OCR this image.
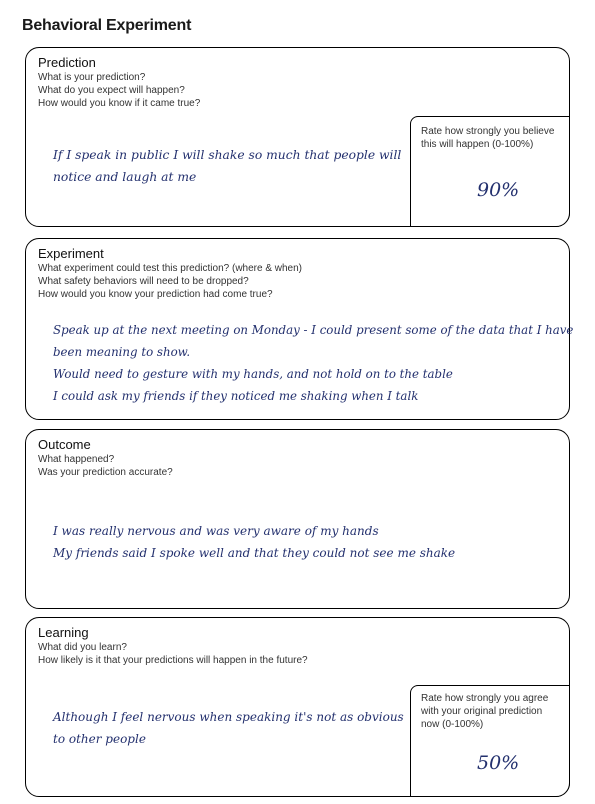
Behavioral Experiment
Prediction
What is your prediction?
What do you expect will happen?
How would you know if it came true?
If I speak in public I will shake so much that people will
notice and laugh at me
Rate how strongly you believe
this will happen (0-100%)
90%
Experiment
What experiment could test this prediction? (where & when)
What safety behaviors will need to be dropped?
How would you know your prediction had come true?
Speak up at the next meeting on Monday - I could present some of the data that I have
been meaning to show.
Would need to gesture with my hands, and not hold on to the table
I could ask my friends if they noticed me shaking when I talk
Outcome
What happened?
Was your prediction accurate?
I was really nervous and was very aware of my hands
My friends said I spoke well and that they could not see me shake
Learning
What did you learn?
How likely is it that your predictions will happen in the future?
Although I feel nervous when speaking it's not as obvious
to other people
Rate how strongly you agree
with your original prediction
now (0-100%)
50%
